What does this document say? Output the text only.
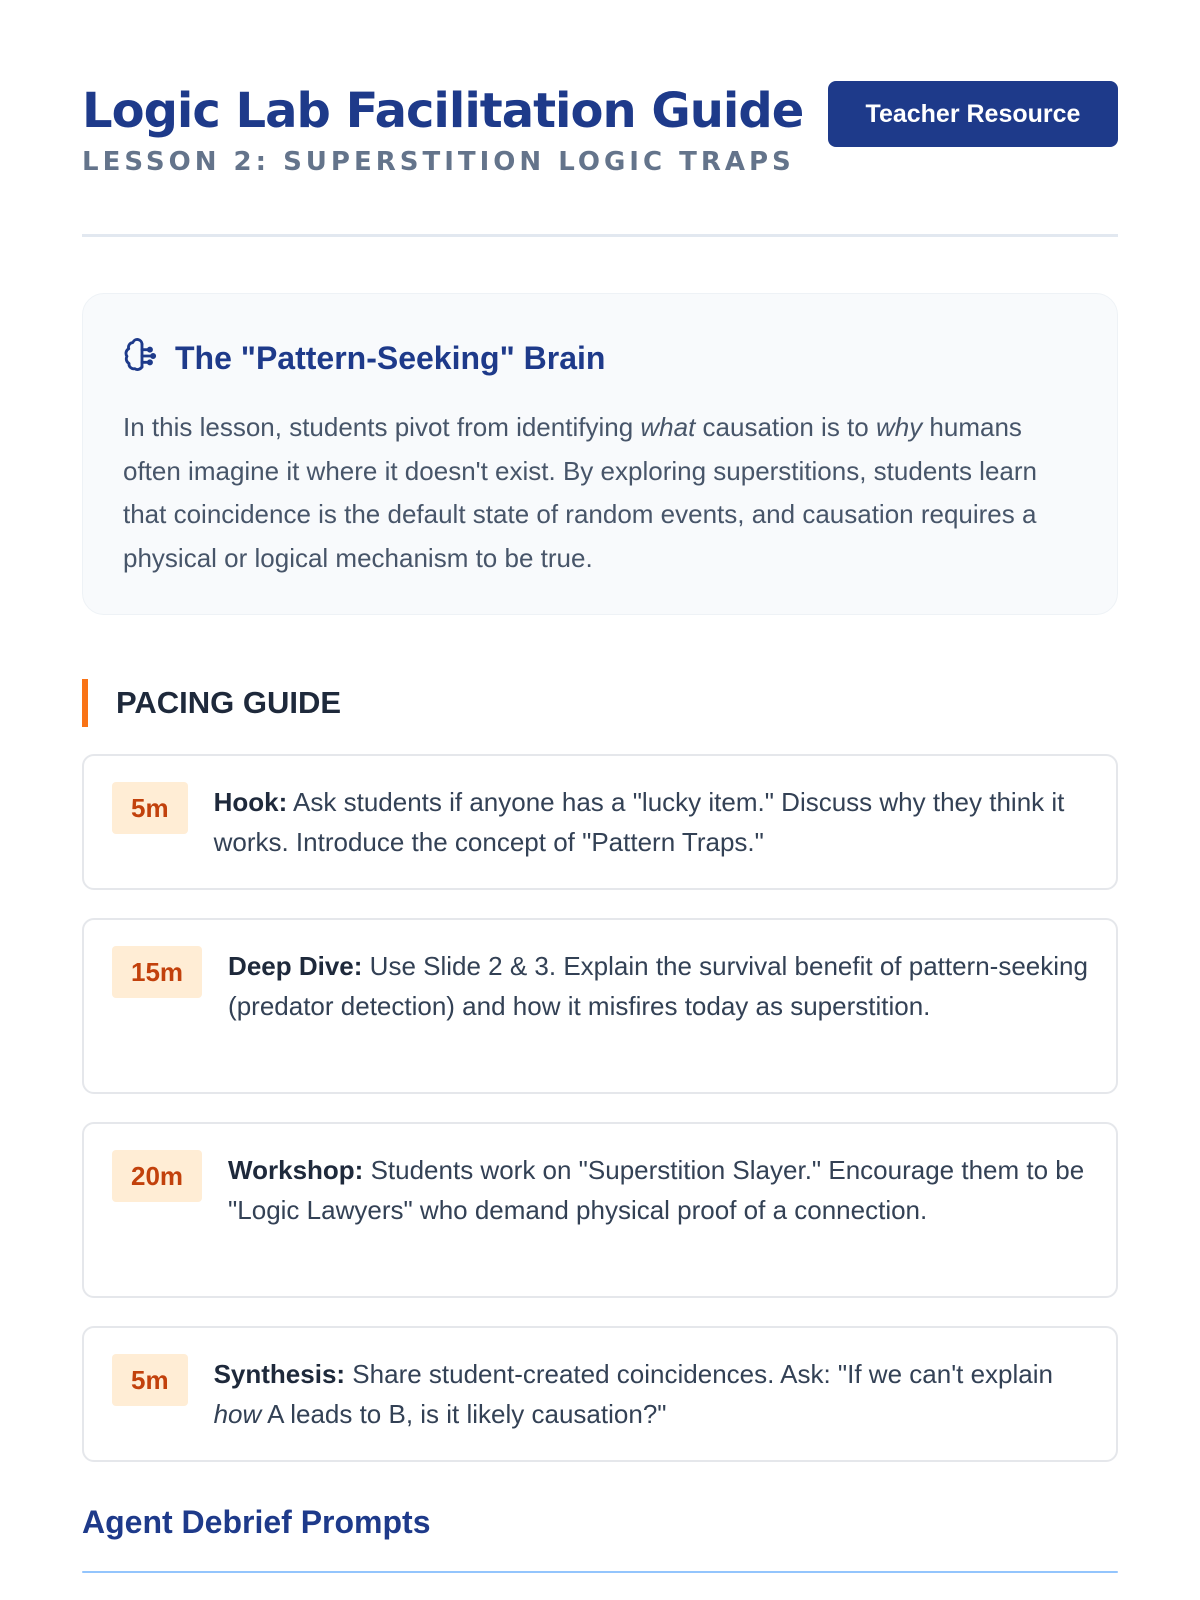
Logic Lab Facilitation Guide
LESSON 2: SUPERSTITION LOGIC TRAPS
Teacher Resource
The "Pattern-Seeking" Brain
In this lesson, students pivot from identifying what causation is to why humans often imagine it where it doesn't exist. By exploring superstitions, students learn that coincidence is the default state of random events, and causation requires a physical or logical mechanism to be true.
PACING GUIDE
5m	Hook: Ask students if anyone has a "lucky item." Discuss why they think it works. Introduce the concept of "Pattern Traps."
15m	Deep Dive: Use Slide 2 & 3. Explain the survival benefit of pattern-seeking (predator detection) and how it misfires today as superstition.
20m	Workshop: Students work on "Superstition Slayer." Encourage them to be "Logic Lawyers" who demand physical proof of a connection.
5m	Synthesis: Share student-created coincidences. Ask: "If we can't explain how A leads to B, is it likely causation?"
Agent Debrief Prompts
